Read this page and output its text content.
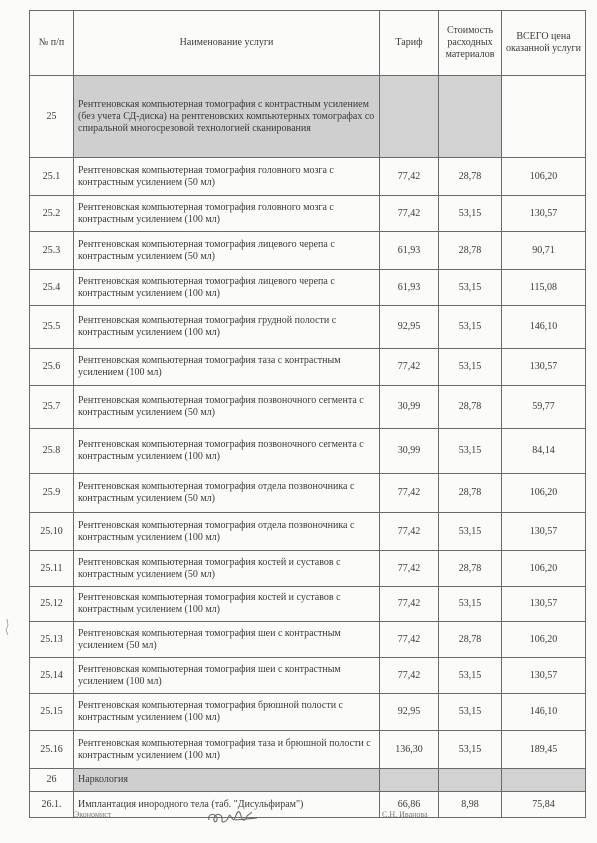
№ п/п	Наименование услуги	Тариф	Стоимость расходных материалов	ВСЕГО цена оказанной услуги
25	Рентгеновская компьютерная томография с контрастным усилением (без учета СД-диска) на рентгеновских компьютерных томографах со спиральной многосрезовой технологией сканирования			
25.1	Рентгеновская компьютерная томография головного мозга с контрастным усилением (50 мл)	77,42	28,78	106,20
25.2	Рентгеновская компьютерная томография головного мозга с контрастным усилением (100 мл)	77,42	53,15	130,57
25.3	Рентгеновская компьютерная томография лицевого черепа с контрастным усилением (50 мл)	61,93	28,78	90,71
25.4	Рентгеновская компьютерная томография лицевого черепа с контрастным усилением (100 мл)	61,93	53,15	115,08
25.5	Рентгеновская компьютерная томография грудной полости с контрастным усилением (100 мл)	92,95	53,15	146,10
25.6	Рентгеновская компьютерная томография таза с контрастным усилением (100 мл)	77,42	53,15	130,57
25.7	Рентгеновская компьютерная томография позвоночного сегмента с контрастным усилением (50 мл)	30,99	28,78	59,77
25.8	Рентгеновская компьютерная томография позвоночного сегмента с контрастным усилением (100 мл)	30,99	53,15	84,14
25.9	Рентгеновская компьютерная томография отдела позвоночника с контрастным усилением (50 мл)	77,42	28,78	106,20
25.10	Рентгеновская компьютерная томография отдела позвоночника с контрастным усилением (100 мл)	77,42	53,15	130,57
25.11	Рентгеновская компьютерная томография костей и суставов с контрастным усилением (50 мл)	77,42	28,78	106,20
25.12	Рентгеновская компьютерная томография костей и суставов с контрастным усилением (100 мл)	77,42	53,15	130,57
25.13	Рентгеновская компьютерная томография шеи с контрастным усилением (50 мл)	77,42	28,78	106,20
25.14	Рентгеновская компьютерная томография шеи с контрастным усилением (100 мл)	77,42	53,15	130,57
25.15	Рентгеновская компьютерная томография брюшной полости с контрастным усилением (100 мл)	92,95	53,15	146,10
25.16	Рентгеновская компьютерная томография таза и брюшной полости с контрастным усилением (100 мл)	136,30	53,15	189,45
26	Наркология			
26.1.	Имплантация инородного тела (таб. "Дисульфирам")	66,86	8,98	75,84
Экономист	С.Н. Иванова
